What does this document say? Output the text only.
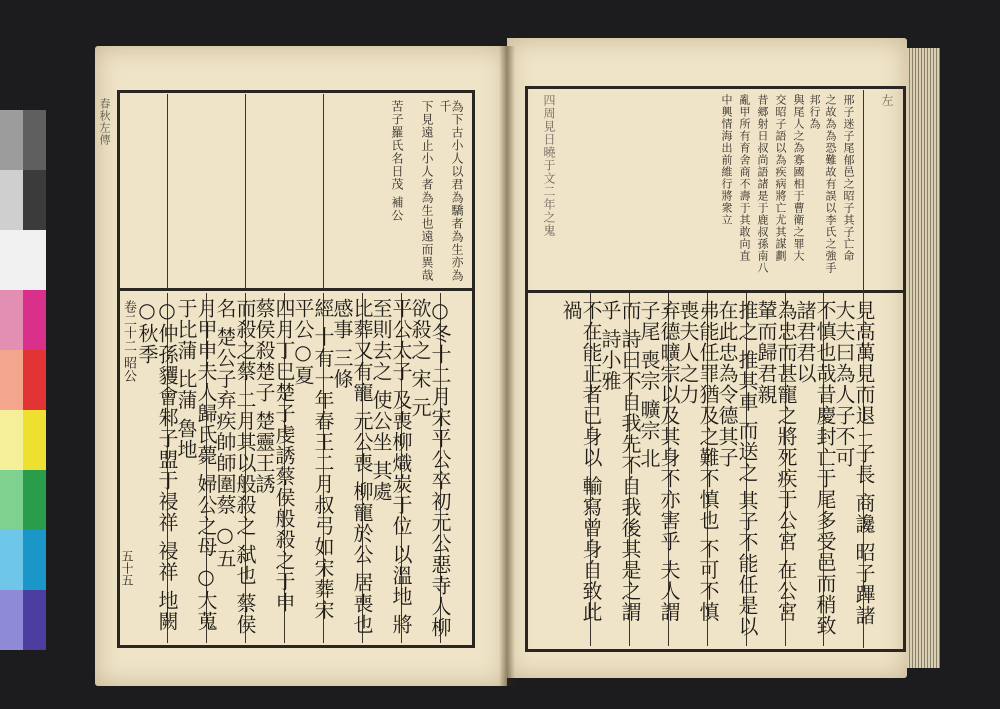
左
邢子迷子尾郁邑之昭子其子亡命
之故為為恐難故有誤以李氏之強手
邦行為
與尾人之為寡國相于曹衛之罪大
交昭子語以為疾病將亡尤其謀劃
昔郷射日叔尚語諸是于鹿叔孫南八
亂甲所有育舍商不壽于其敢向直
中興情海出前維行將衆立
四周見日曉于文二年之鬼
見高萬見而退ㄧ子長 商讒 昭子蹕諸大夫曰為人子不可
不慎也哉昔慶封亡于尾多受邑而稍致諸君君以
為忠而甚寵之將死疾于公宮 在公宮 輦而歸君親
推之 推其車 而送之 其子不能任是以在此忠為令德其子
弗能任罪猶及之難不慎也 不可不慎 喪夫人之力
弃德曠宗以及其身不亦害乎 夫人謂子尾 喪宗 曠宗 北
而 詩曰不自我先不自我後其是之謂乎 詩小雅
不在能正者已身以 輸寫曾身自致此禍
春秋左傳	為下古小人以君為驕者為生亦為千
下見遠止小人者為生也遠而異哉
苦子羅氏名日茂 補公
○冬十二月宋平公卒初元公惡寺人柳欲殺之 宋 元
平公太子 及喪柳熾炭于位 以溫地 將至則去之 使公坐 其處
比葬又有寵 元公喪 柳寵於公 居喪也 感事 三條
經 十有一年春王二月叔弓如宋葬宋平公○夏
四月丁巳楚子虔誘蔡侯般殺之于申 蔡侯殺楚子 楚靈王誘
而殺之蔡 二月其以般殺之 弑也 蔡侯名 楚公子弃疾帥師圍蔡 ○五
月甲申夫人歸氏薨 婦公之母 ○大蒐于比蒲 比蒲 魯地
○仲孫貜會邾子盟于祲祥 祲祥 地闕 ○秋季
卷二十二 昭公
五十五
